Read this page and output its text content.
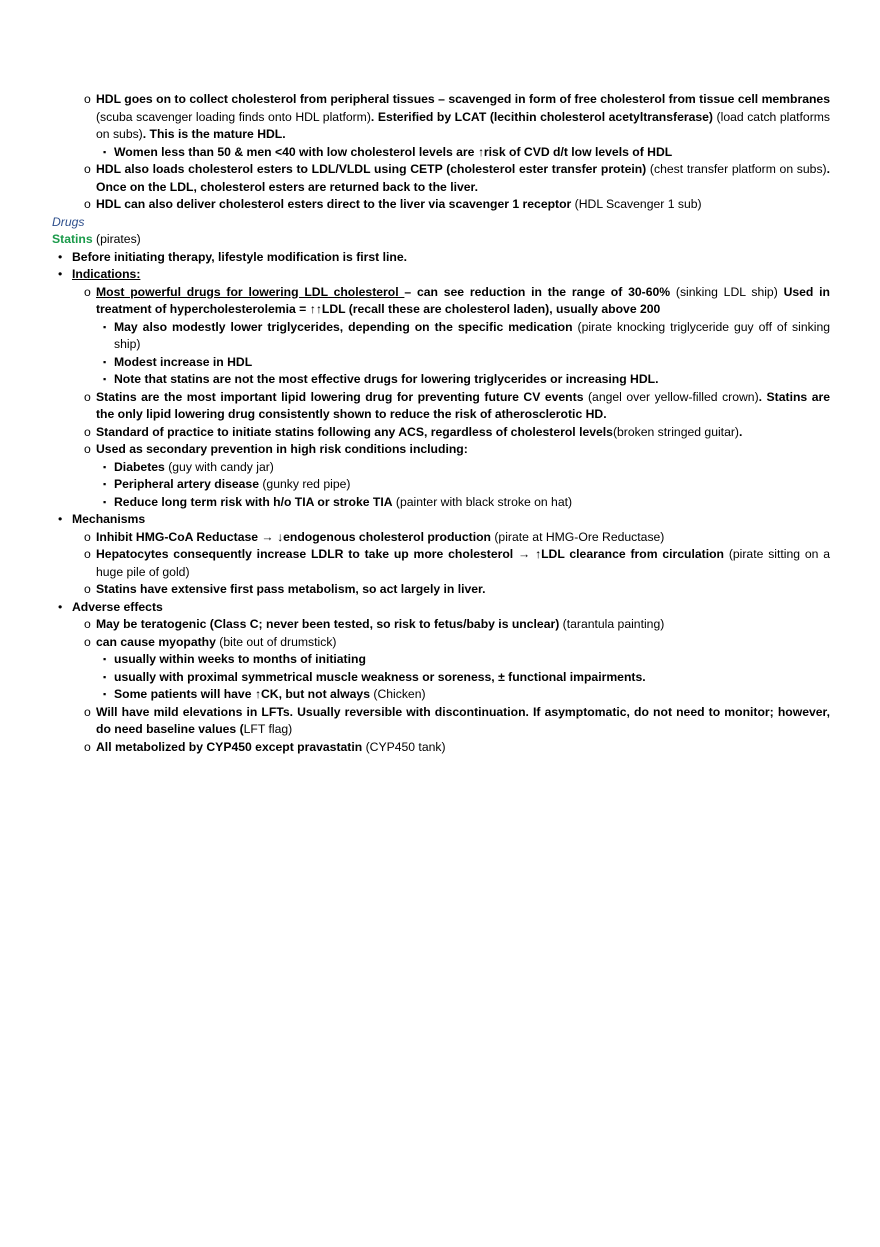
o HDL goes on to collect cholesterol from peripheral tissues – scavenged in form of free cholesterol from tissue cell membranes (scuba scavenger loading finds onto HDL platform). Esterified by LCAT (lecithin cholesterol acetyltransferase) (load catch platforms on subs). This is the mature HDL.
▪ Women less than 50 & men <40 with low cholesterol levels are ↑risk of CVD d/t low levels of HDL
o HDL also loads cholesterol esters to LDL/VLDL using CETP (cholesterol ester transfer protein) (chest transfer platform on subs). Once on the LDL, cholesterol esters are returned back to the liver.
o HDL can also deliver cholesterol esters direct to the liver via scavenger 1 receptor (HDL Scavenger 1 sub)
Drugs
Statins (pirates)
• Before initiating therapy, lifestyle modification is first line.
• Indications:
o Most powerful drugs for lowering LDL cholesterol – can see reduction in the range of 30-60% (sinking LDL ship) Used in treatment of hypercholesterolemia = ↑↑LDL (recall these are cholesterol laden), usually above 200
▪ May also modestly lower triglycerides, depending on the specific medication (pirate knocking triglyceride guy off of sinking ship)
▪ Modest increase in HDL
▪ Note that statins are not the most effective drugs for lowering triglycerides or increasing HDL.
o Statins are the most important lipid lowering drug for preventing future CV events (angel over yellow-filled crown). Statins are the only lipid lowering drug consistently shown to reduce the risk of atherosclerotic HD.
o Standard of practice to initiate statins following any ACS, regardless of cholesterol levels(broken stringed guitar).
o Used as secondary prevention in high risk conditions including:
▪ Diabetes (guy with candy jar)
▪ Peripheral artery disease (gunky red pipe)
▪ Reduce long term risk with h/o TIA or stroke TIA (painter with black stroke on hat)
• Mechanisms
o Inhibit HMG-CoA Reductase → ↓endogenous cholesterol production (pirate at HMG-Ore Reductase)
o Hepatocytes consequently increase LDLR to take up more cholesterol → ↑LDL clearance from circulation (pirate sitting on a huge pile of gold)
o Statins have extensive first pass metabolism, so act largely in liver.
• Adverse effects
o May be teratogenic (Class C; never been tested, so risk to fetus/baby is unclear) (tarantula painting)
o can cause myopathy (bite out of drumstick)
▪ usually within weeks to months of initiating
▪ usually with proximal symmetrical muscle weakness or soreness, ± functional impairments.
▪ Some patients will have ↑CK, but not always (Chicken)
o Will have mild elevations in LFTs. Usually reversible with discontinuation. If asymptomatic, do not need to monitor; however, do need baseline values (LFT flag)
o All metabolized by CYP450 except pravastatin (CYP450 tank)
